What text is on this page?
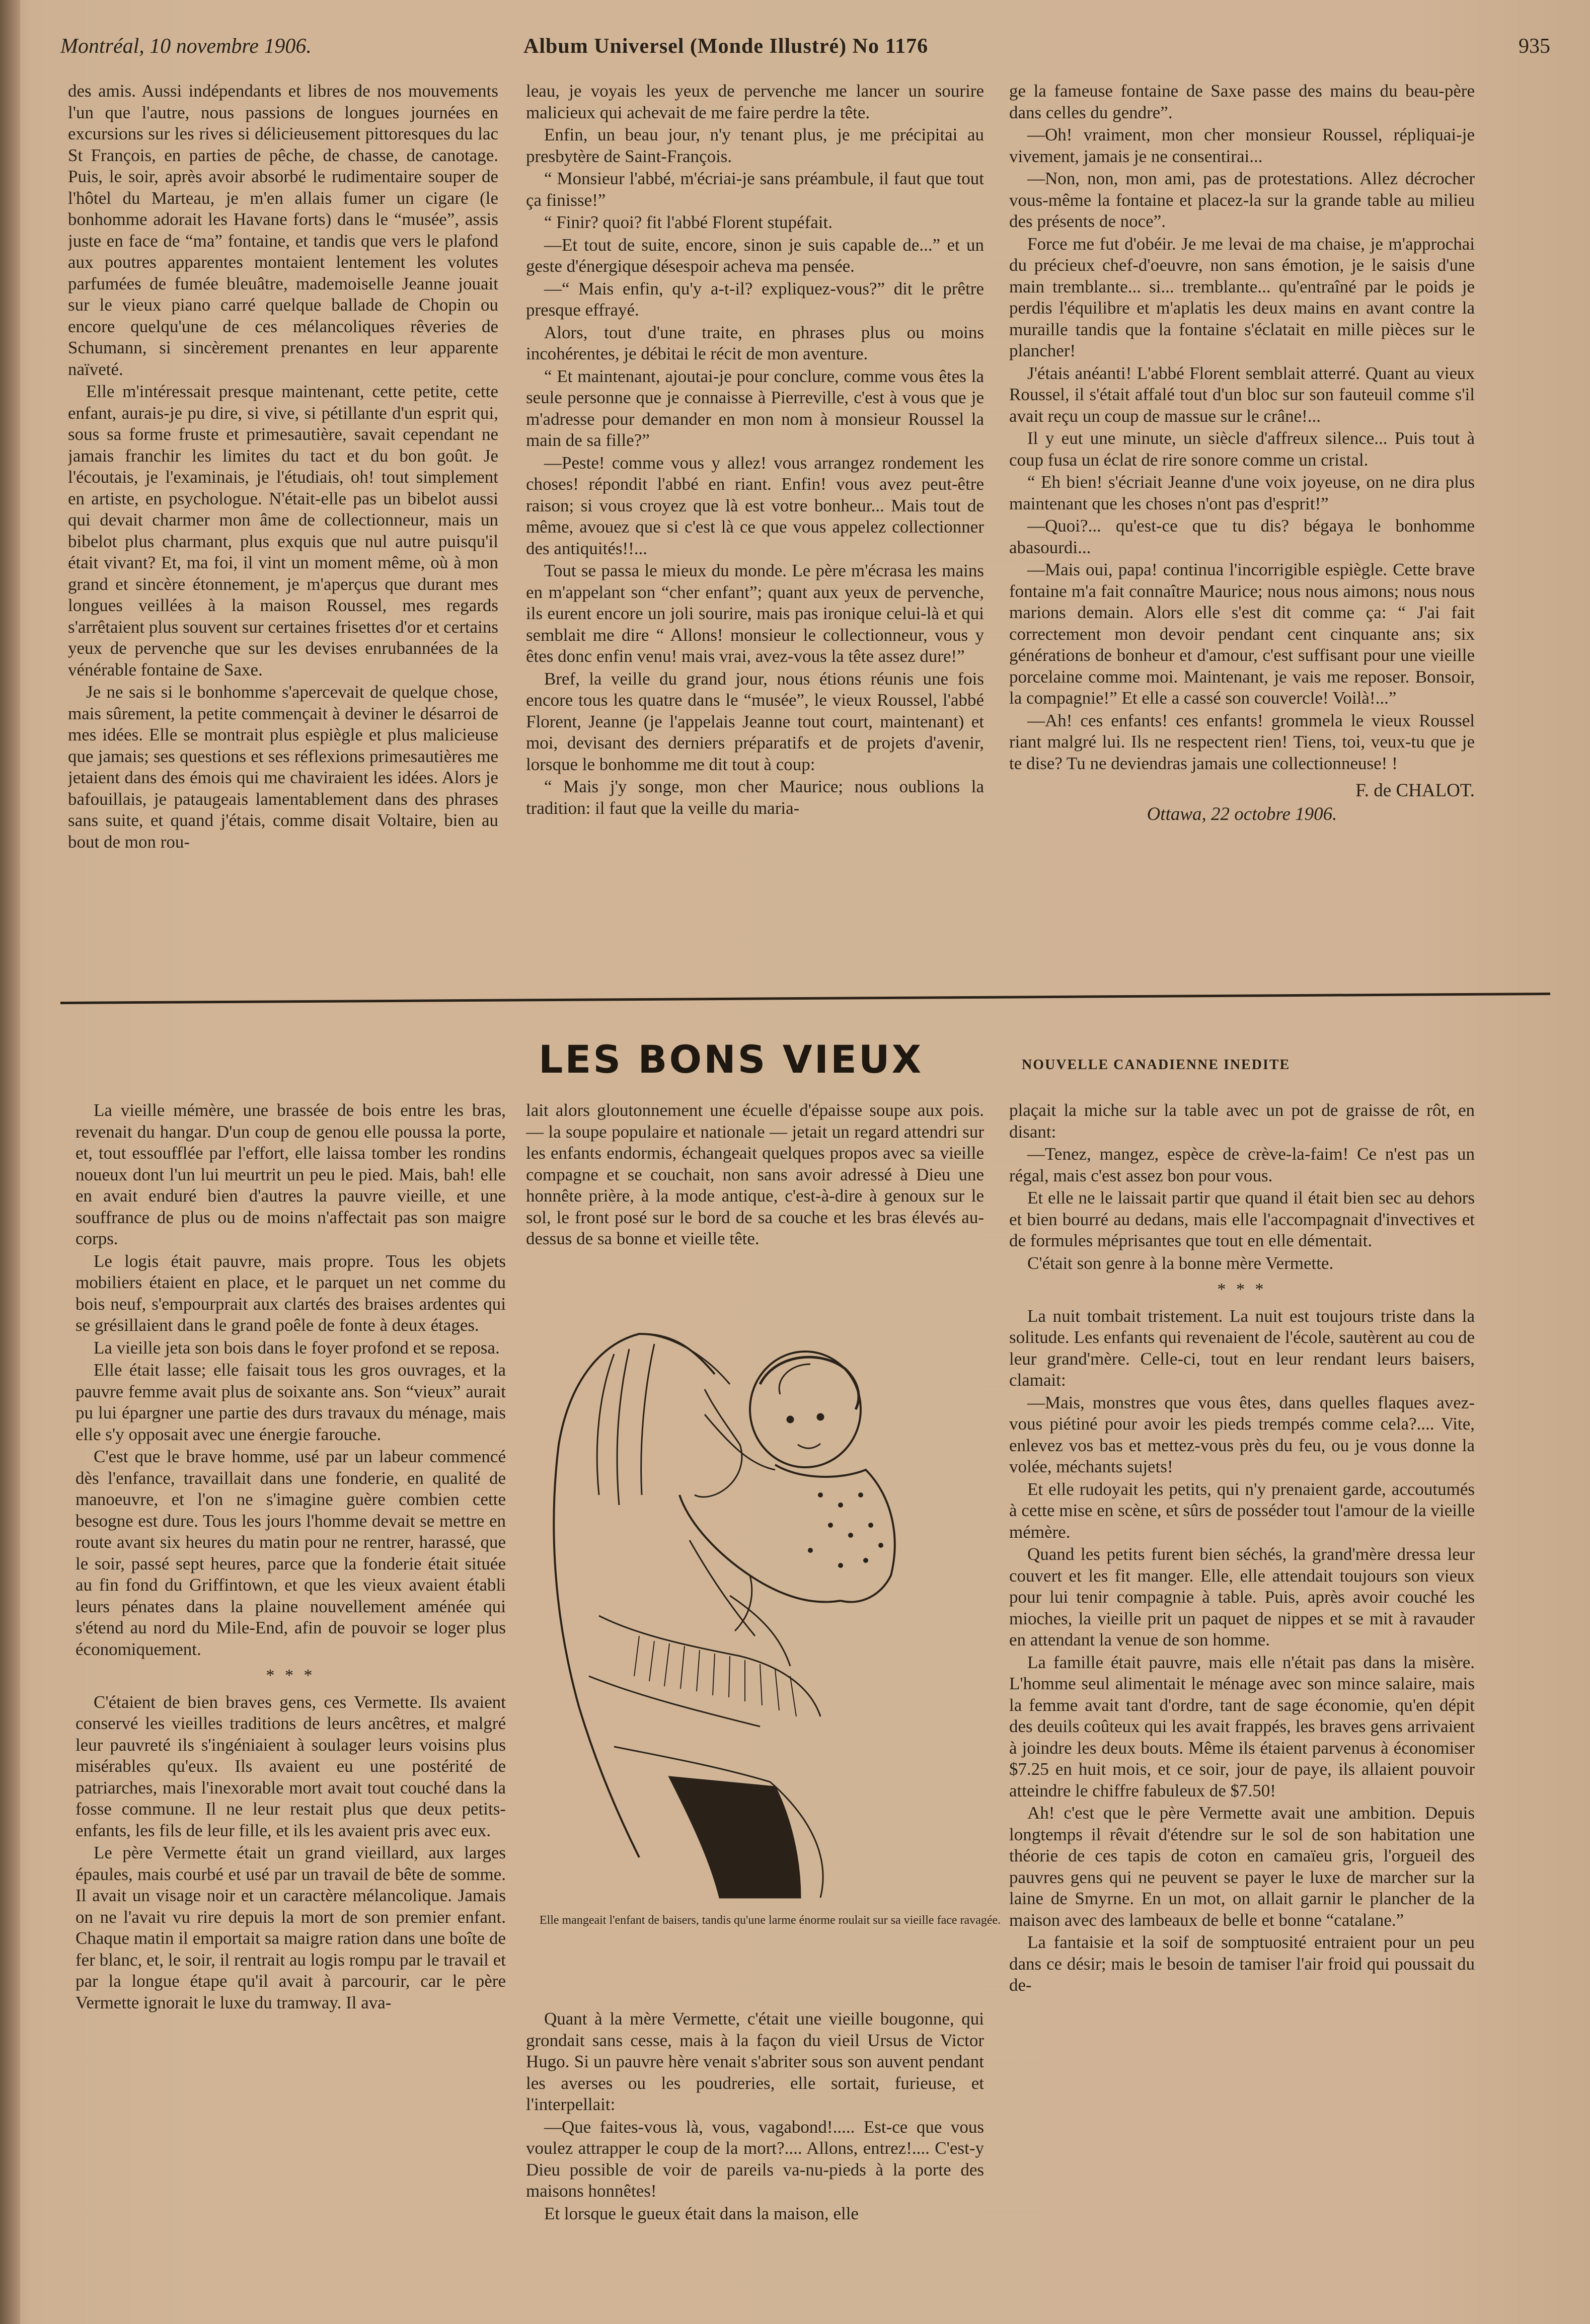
Montréal, 10 novembre 1906.	Album Universel (Monde Illustré) No 1176	935

des amis. Aussi indépendants et libres de nos mouvements l'un que l'autre, nous passions de longues journées en excursions sur les rives si délicieusement pittoresques du lac St François, en parties de pêche, de chasse, de canotage. Puis, le soir, après avoir absorbé le rudimentaire souper de l'hôtel du Marteau, je m'en allais fumer un cigare (le bonhomme adorait les Havane forts) dans le “musée”, assis juste en face de “ma” fontaine, et tandis que vers le plafond aux poutres apparentes montaient lentement les volutes parfumées de fumée bleuâtre, mademoiselle Jeanne jouait sur le vieux piano carré quelque ballade de Chopin ou encore quelqu'une de ces mélancoliques rêveries de Schumann, si sincèrement prenantes en leur apparente naïveté.

Elle m'intéressait presque maintenant, cette petite, cette enfant, aurais-je pu dire, si vive, si pétillante d'un esprit qui, sous sa forme fruste et primesautière, savait cependant ne jamais franchir les limites du tact et du bon goût. Je l'écoutais, je l'examinais, je l'étudiais, oh! tout simplement en artiste, en psychologue. N'était-elle pas un bibelot aussi qui devait charmer mon âme de collectionneur, mais un bibelot plus charmant, plus exquis que nul autre puisqu'il était vivant? Et, ma foi, il vint un moment même, où à mon grand et sincère étonnement, je m'aperçus que durant mes longues veillées à la maison Roussel, mes regards s'arrêtaient plus souvent sur certaines frisettes d'or et certains yeux de pervenche que sur les devises enrubannées de la vénérable fontaine de Saxe.

Je ne sais si le bonhomme s'apercevait de quelque chose, mais sûrement, la petite commençait à deviner le désarroi de mes idées. Elle se montrait plus espiègle et plus malicieuse que jamais; ses questions et ses réflexions primesautières me jetaient dans des émois qui me chaviraient les idées. Alors je bafouillais, je pataugeais lamentablement dans des phrases sans suite, et quand j'étais, comme disait Voltaire, bien au bout de mon rou-

leau, je voyais les yeux de pervenche me lancer un sourire malicieux qui achevait de me faire perdre la tête.

Enfin, un beau jour, n'y tenant plus, je me précipitai au presbytère de Saint-François.

“ Monsieur l'abbé, m'écriai-je sans préambule, il faut que tout ça finisse!”

“ Finir? quoi? fit l'abbé Florent stupéfait.

—Et tout de suite, encore, sinon je suis capable de...” et un geste d'énergique désespoir acheva ma pensée.

—“ Mais enfin, qu'y a-t-il? expliquez-vous?” dit le prêtre presque effrayé.

Alors, tout d'une traite, en phrases plus ou moins incohérentes, je débitai le récit de mon aventure.

“ Et maintenant, ajoutai-je pour conclure, comme vous êtes la seule personne que je connaisse à Pierreville, c'est à vous que je m'adresse pour demander en mon nom à monsieur Roussel la main de sa fille?”

—Peste! comme vous y allez! vous arrangez rondement les choses! répondit l'abbé en riant. Enfin! vous avez peut-être raison; si vous croyez que là est votre bonheur... Mais tout de même, avouez que si c'est là ce que vous appelez collectionner des antiquités!!...

Tout se passa le mieux du monde. Le père m'écrasa les mains en m'appelant son “cher enfant”; quant aux yeux de pervenche, ils eurent encore un joli sourire, mais pas ironique celui-là et qui semblait me dire “ Allons! monsieur le collectionneur, vous y êtes donc enfin venu! mais vrai, avez-vous la tête assez dure!”

Bref, la veille du grand jour, nous étions réunis une fois encore tous les quatre dans le “musée”, le vieux Roussel, l'abbé Florent, Jeanne (je l'appelais Jeanne tout court, maintenant) et moi, devisant des derniers préparatifs et de projets d'avenir, lorsque le bonhomme me dit tout à coup:

“ Mais j'y songe, mon cher Maurice; nous oublions la tradition: il faut que la veille du maria-

ge la fameuse fontaine de Saxe passe des mains du beau-père dans celles du gendre”.

—Oh! vraiment, mon cher monsieur Roussel, répliquai-je vivement, jamais je ne consentirai...

—Non, non, mon ami, pas de protestations. Allez décrocher vous-même la fontaine et placez-la sur la grande table au milieu des présents de noce”.

Force me fut d'obéir. Je me levai de ma chaise, je m'approchai du précieux chef-d'oeuvre, non sans émotion, je le saisis d'une main tremblante... si... tremblante... qu'entraîné par le poids je perdis l'équilibre et m'aplatis les deux mains en avant contre la muraille tandis que la fontaine s'éclatait en mille pièces sur le plancher!

J'étais anéanti! L'abbé Florent semblait atterré. Quant au vieux Roussel, il s'était affalé tout d'un bloc sur son fauteuil comme s'il avait reçu un coup de massue sur le crâne!...

Il y eut une minute, un siècle d'affreux silence... Puis tout à coup fusa un éclat de rire sonore comme un cristal.

“ Eh bien! s'écriait Jeanne d'une voix joyeuse, on ne dira plus maintenant que les choses n'ont pas d'esprit!”

—Quoi?... qu'est-ce que tu dis? bégaya le bonhomme abasourdi...

—Mais oui, papa! continua l'incorrigible espiègle. Cette brave fontaine m'a fait connaître Maurice; nous nous aimons; nous nous marions demain. Alors elle s'est dit comme ça: “ J'ai fait correctement mon devoir pendant cent cinquante ans; six générations de bonheur et d'amour, c'est suffisant pour une vieille porcelaine comme moi. Maintenant, je vais me reposer. Bonsoir, la compagnie!” Et elle a cassé son couvercle! Voilà!...”

—Ah! ces enfants! ces enfants! grommela le vieux Roussel riant malgré lui. Ils ne respectent rien! Tiens, toi, veux-tu que je te dise? Tu ne deviendras jamais une collectionneuse! !

F. de CHALOT.
Ottawa, 22 octobre 1906.
LES BONS VIEUX	NOUVELLE CANADIENNE INEDITE

La vieille mémère, une brassée de bois entre les bras, revenait du hangar. D'un coup de genou elle poussa la porte, et, tout essoufflée par l'effort, elle laissa tomber les rondins noueux dont l'un lui meurtrit un peu le pied. Mais, bah! elle en avait enduré bien d'autres la pauvre vieille, et une souffrance de plus ou de moins n'affectait pas son maigre corps.

Le logis était pauvre, mais propre. Tous les objets mobiliers étaient en place, et le parquet un net comme du bois neuf, s'empourprait aux clartés des braises ardentes qui se grésillaient dans le grand poêle de fonte à deux étages.

La vieille jeta son bois dans le foyer profond et se reposa.

Elle était lasse; elle faisait tous les gros ouvrages, et la pauvre femme avait plus de soixante ans. Son “vieux” aurait pu lui épargner une partie des durs travaux du ménage, mais elle s'y opposait avec une énergie farouche.

C'est que le brave homme, usé par un labeur commencé dès l'enfance, travaillait dans une fonderie, en qualité de manoeuvre, et l'on ne s'imagine guère combien cette besogne est dure. Tous les jours l'homme devait se mettre en route avant six heures du matin pour ne rentrer, harassé, que le soir, passé sept heures, parce que la fonderie était située au fin fond du Griffintown, et que les vieux avaient établi leurs pénates dans la plaine nouvellement aménée qui s'étend au nord du Mile-End, afin de pouvoir se loger plus économiquement.

* * *

C'étaient de bien braves gens, ces Vermette. Ils avaient conservé les vieilles traditions de leurs ancêtres, et malgré leur pauvreté ils s'ingéniaient à soulager leurs voisins plus misérables qu'eux. Ils avaient eu une postérité de patriarches, mais l'inexorable mort avait tout couché dans la fosse commune. Il ne leur restait plus que deux petits-enfants, les fils de leur fille, et ils les avaient pris avec eux.

Le père Vermette était un grand vieillard, aux larges épaules, mais courbé et usé par un travail de bête de somme. Il avait un visage noir et un caractère mélancolique. Jamais on ne l'avait vu rire depuis la mort de son premier enfant. Chaque matin il emportait sa maigre ration dans une boîte de fer blanc, et, le soir, il rentrait au logis rompu par le travail et par la longue étape qu'il avait à parcourir, car le père Vermette ignorait le luxe du tramway. Il ava-

lait alors gloutonnement une écuelle d'épaisse soupe aux pois. — la soupe populaire et nationale — jetait un regard attendri sur les enfants endormis, échangeait quelques propos avec sa vieille compagne et se couchait, non sans avoir adressé à Dieu une honnête prière, à la mode antique, c'est-à-dire à genoux sur le sol, le front posé sur le bord de sa couche et les bras élevés au-dessus de sa bonne et vieille tête.

Elle mangeait l'enfant de baisers, tandis qu'une larme énorme roulait sur sa vieille face ravagée.

Quant à la mère Vermette, c'était une vieille bougonne, qui grondait sans cesse, mais à la façon du vieil Ursus de Victor Hugo. Si un pauvre hère venait s'abriter sous son auvent pendant les averses ou les poudreries, elle sortait, furieuse, et l'interpellait:

—Que faites-vous là, vous, vagabond!..... Est-ce que vous voulez attrapper le coup de la mort?.... Allons, entrez!.... C'est-y Dieu possible de voir de pareils va-nu-pieds à la porte des maisons honnêtes!

Et lorsque le gueux était dans la maison, elle

plaçait la miche sur la table avec un pot de graisse de rôt, en disant:

—Tenez, mangez, espèce de crève-la-faim! Ce n'est pas un régal, mais c'est assez bon pour vous.

Et elle ne le laissait partir que quand il était bien sec au dehors et bien bourré au dedans, mais elle l'accompagnait d'invectives et de formules méprisantes que tout en elle démentait.

C'était son genre à la bonne mère Vermette.

* * *

La nuit tombait tristement. La nuit est toujours triste dans la solitude. Les enfants qui revenaient de l'école, sautèrent au cou de leur grand'mère. Celle-ci, tout en leur rendant leurs baisers, clamait:

—Mais, monstres que vous êtes, dans quelles flaques avez-vous piétiné pour avoir les pieds trempés comme cela?.... Vite, enlevez vos bas et mettez-vous près du feu, ou je vous donne la volée, méchants sujets!

Et elle rudoyait les petits, qui n'y prenaient garde, accoutumés à cette mise en scène, et sûrs de posséder tout l'amour de la vieille mémère.

Quand les petits furent bien séchés, la grand'mère dressa leur couvert et les fit manger. Elle, elle attendait toujours son vieux pour lui tenir compagnie à table. Puis, après avoir couché les mioches, la vieille prit un paquet de nippes et se mit à ravauder en attendant la venue de son homme.

La famille était pauvre, mais elle n'était pas dans la misère. L'homme seul alimentait le ménage avec son mince salaire, mais la femme avait tant d'ordre, tant de sage économie, qu'en dépit des deuils coûteux qui les avait frappés, les braves gens arrivaient à joindre les deux bouts. Même ils étaient parvenus à économiser $7.25 en huit mois, et ce soir, jour de paye, ils allaient pouvoir atteindre le chiffre fabuleux de $7.50!

Ah! c'est que le père Vermette avait une ambition. Depuis longtemps il rêvait d'étendre sur le sol de son habitation une théorie de ces tapis de coton en camaïeu gris, l'orgueil des pauvres gens qui ne peuvent se payer le luxe de marcher sur la laine de Smyrne. En un mot, on allait garnir le plancher de la maison avec des lambeaux de belle et bonne “catalane.”

La fantaisie et la soif de somptuosité entraient pour un peu dans ce désir; mais le besoin de tamiser l'air froid qui poussait du de-
